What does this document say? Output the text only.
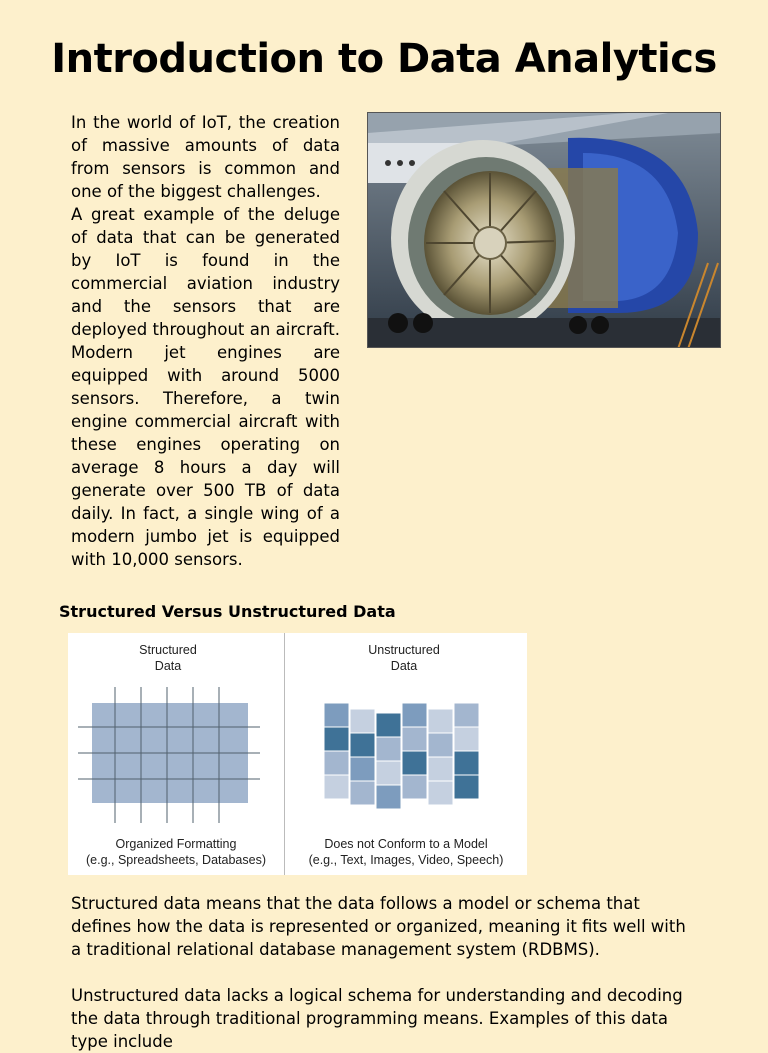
Introduction to Data Analytics

In the world of IoT, the creation of massive amounts of data from sensors is common and one of the biggest challenges.

A great example of the deluge of data that can be generated by IoT is found in the commercial aviation industry and the sensors that are deployed throughout an aircraft. Modern jet engines are equipped with around 5000 sensors. Therefore, a twin engine commercial aircraft with these engines operating on average 8 hours a day will generate over 500 TB of data daily. In fact, a single wing of a modern jumbo jet is equipped with 10,000 sensors.

Structured Versus Unstructured Data
Structured
Data
Organized Formatting
(e.g., Spreadsheets, Databases)
Unstructured
Data
Does not Conform to a Model
(e.g., Text, Images, Video, Speech)
Structured data means that the data follows a model or schema that defines how the data is represented or organized, meaning it fits well with a traditional relational database management system (RDBMS).
Unstructured data lacks a logical schema for understanding and decoding the data through traditional programming means. Examples of this data type include
